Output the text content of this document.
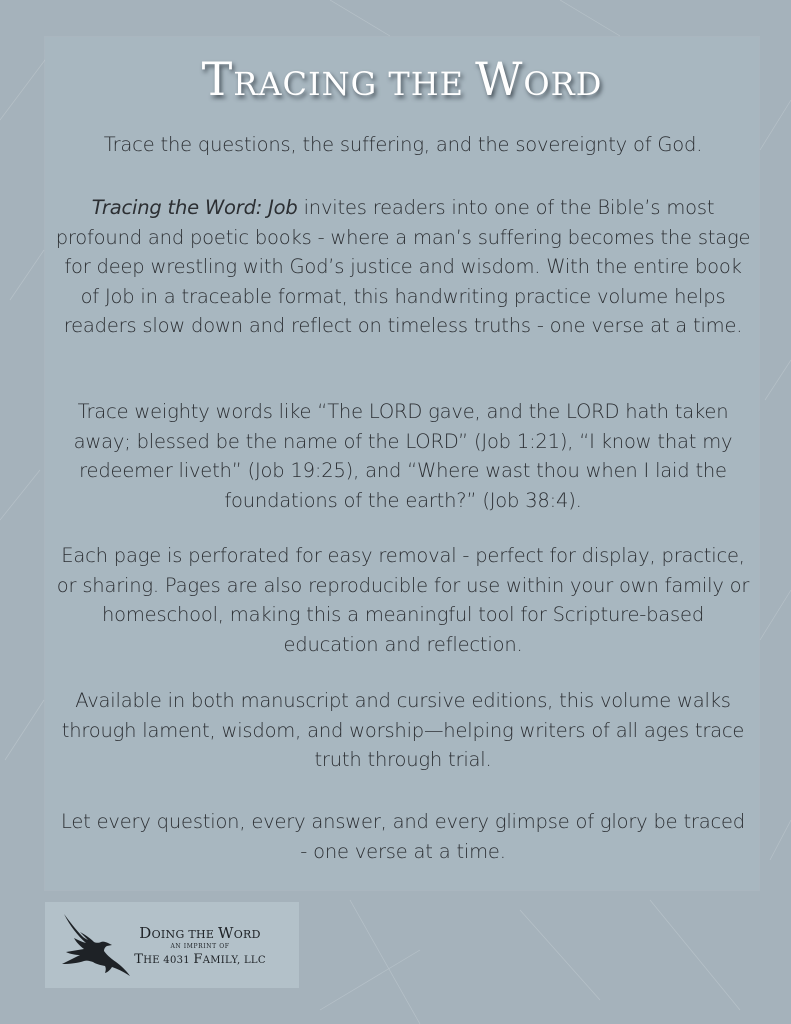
TRACING THE WORD

Trace the questions, the suffering, and the sovereignty of God.

Tracing the Word: Job invites readers into one of the Bible’s most profound and poetic books - where a man’s suffering becomes the stage for deep wrestling with God’s justice and wisdom. With the entire book of Job in a traceable format, this handwriting practice volume helps readers slow down and reflect on timeless truths - one verse at a time.

Trace weighty words like “The LORD gave, and the LORD hath taken away; blessed be the name of the LORD” (Job 1:21), “I know that my redeemer liveth” (Job 19:25), and “Where wast thou when I laid the foundations of the earth?” (Job 38:4).

Each page is perforated for easy removal - perfect for display, practice, or sharing. Pages are also reproducible for use within your own family or homeschool, making this a meaningful tool for Scripture-based education and reflection.

Available in both manuscript and cursive editions, this volume walks through lament, wisdom, and worship—helping writers of all ages trace truth through trial.

Let every question, every answer, and every glimpse of glory be traced - one verse at a time.

DOING THE WORD

AN IMPRINT OF

THE 4031 FAMILY, LLC
